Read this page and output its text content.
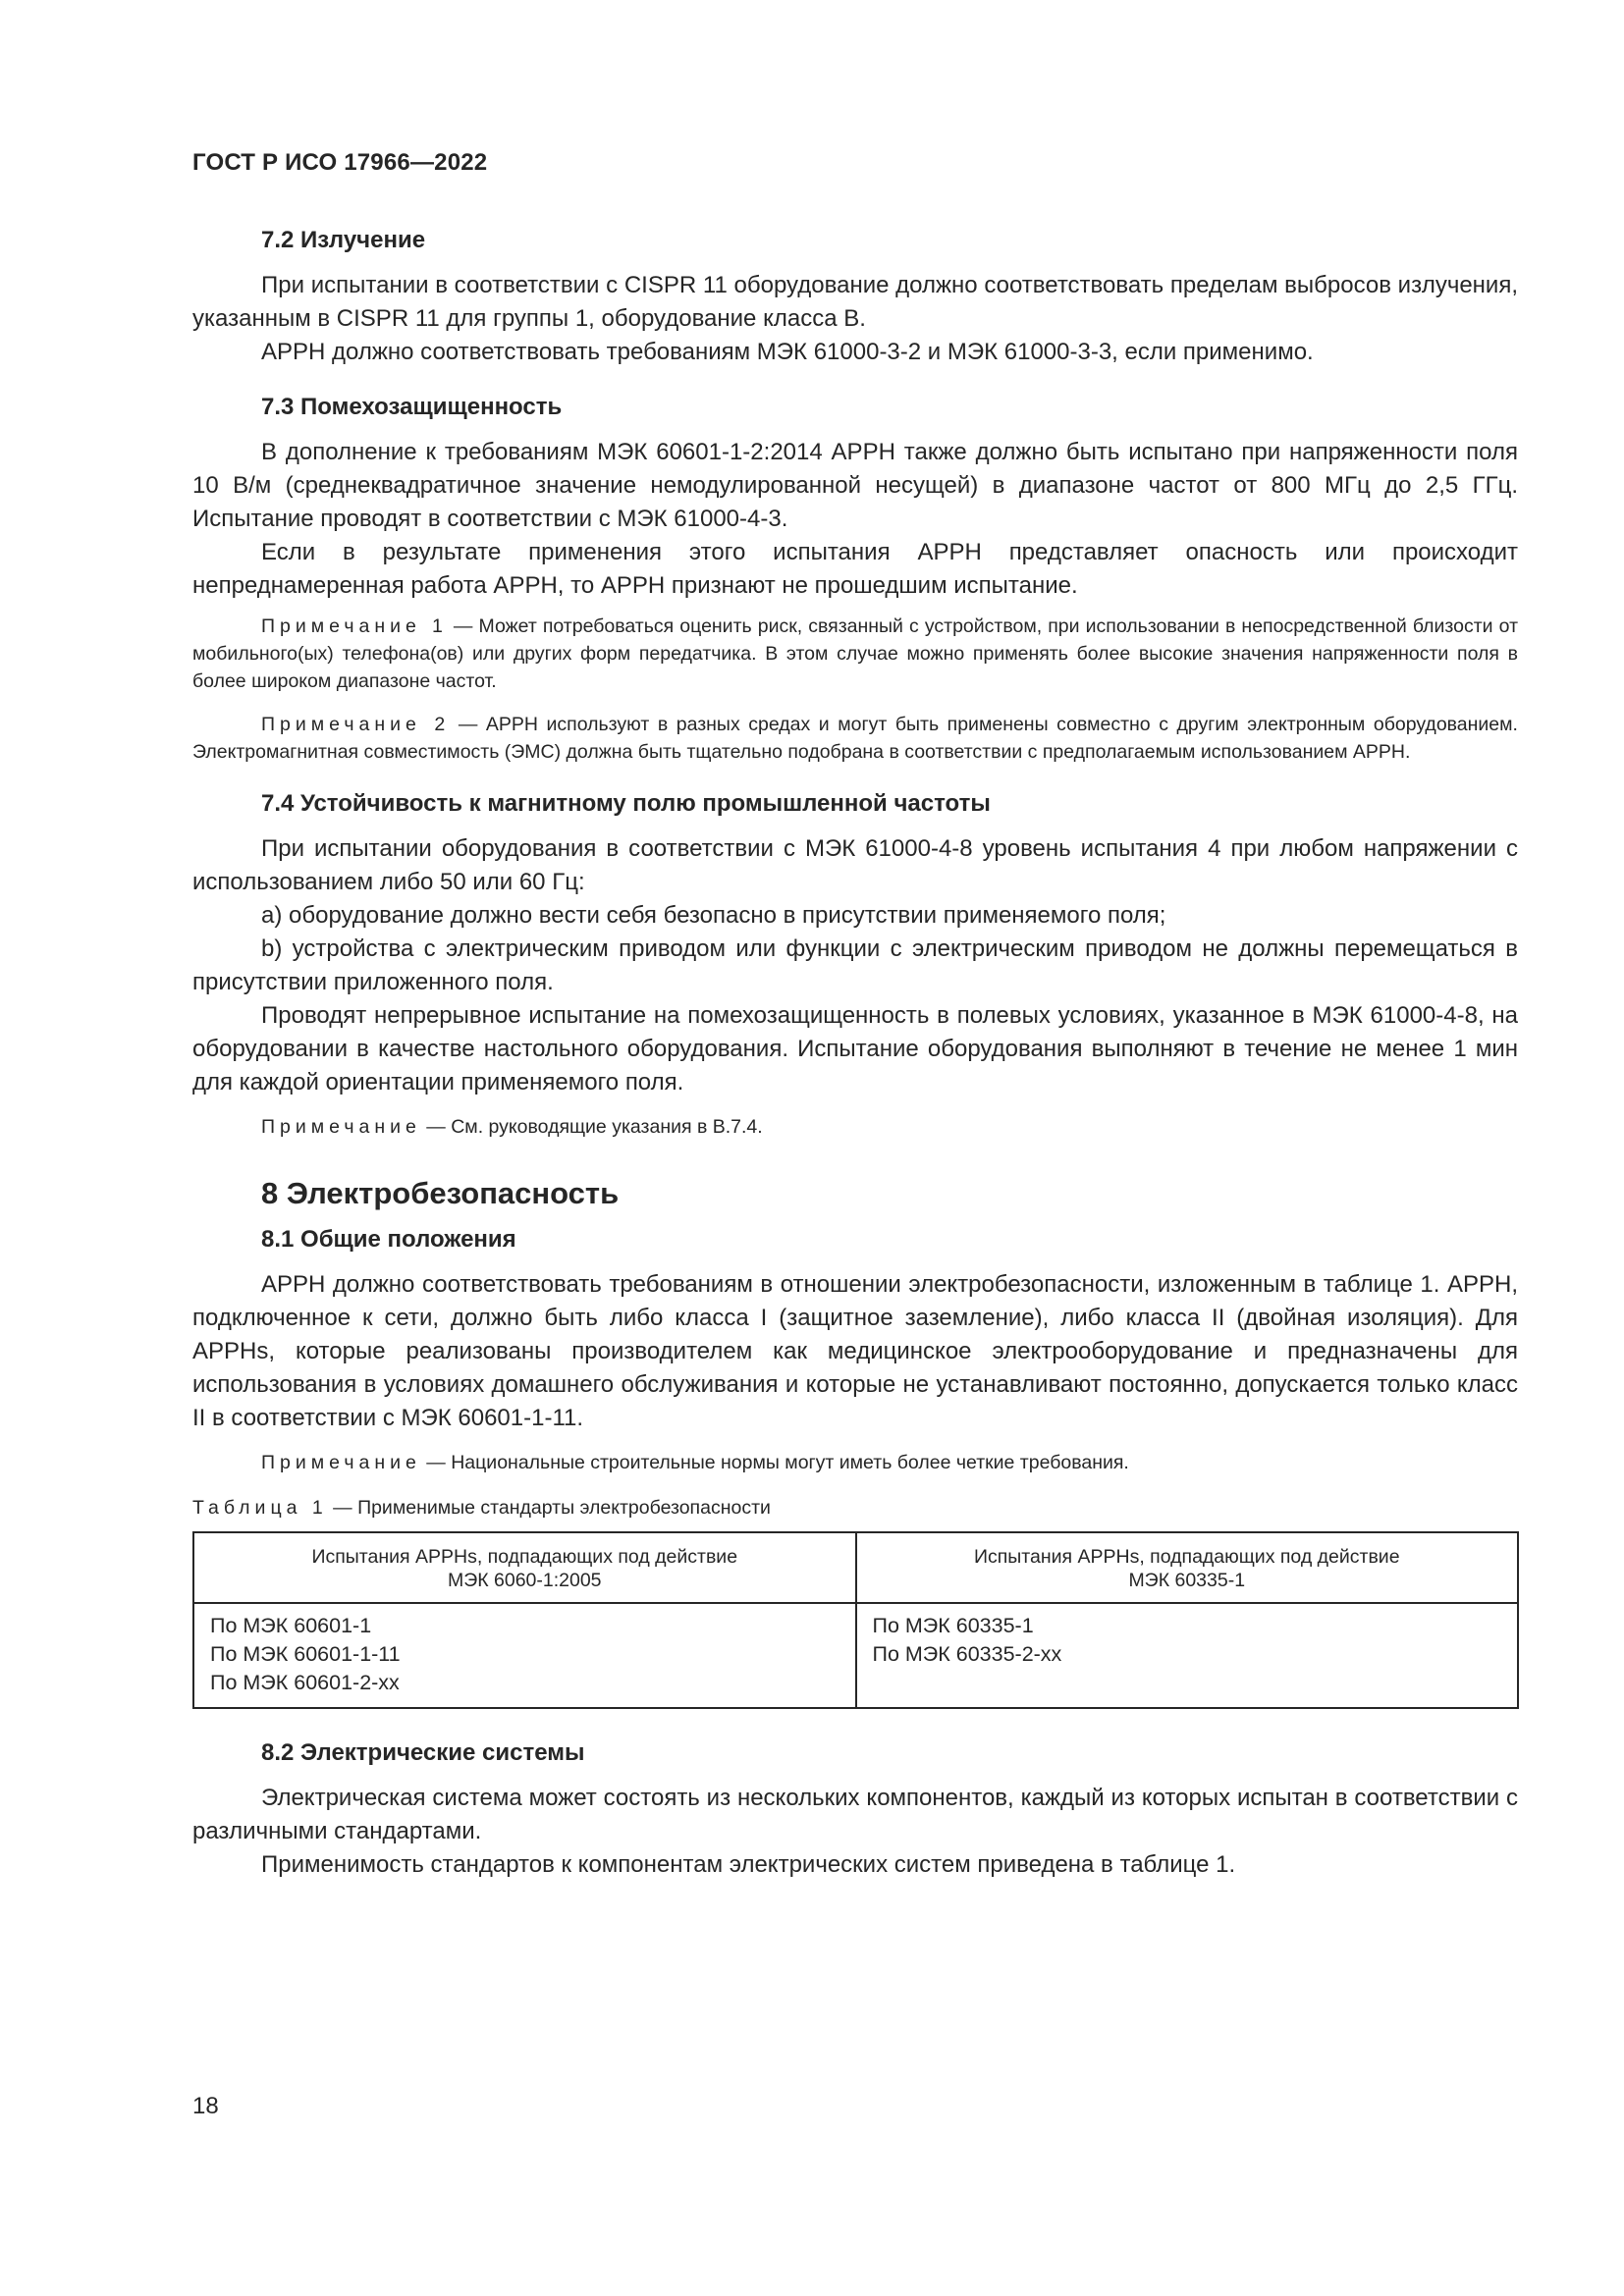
ГОСТ Р ИСО 17966—2022
7.2 Излучение

При испытании в соответствии с CISPR 11 оборудование должно соответствовать пределам выбросов излучения, указанным в CISPR 11 для группы 1, оборудование класса B.

АРРН должно соответствовать требованиям МЭК 61000-3-2 и МЭК 61000-3-3, если применимо.

7.3 Помехозащищенность

В дополнение к требованиям МЭК 60601-1-2:2014 АРРН также должно быть испытано при напряженности поля 10 В/м (среднеквадратичное значение немодулированной несущей) в диапазоне частот от 800 МГц до 2,5 ГГц. Испытание проводят в соответствии с МЭК 61000-4-3.

Если в результате применения этого испытания АРРН представляет опасность или происходит непреднамеренная работа АРРН, то АРРН признают не прошедшим испытание.

Примечание 1 — Может потребоваться оценить риск, связанный с устройством, при использовании в непосредственной близости от мобильного(ых) телефона(ов) или других форм передатчика. В этом случае можно применять более высокие значения напряженности поля в более широком диапазоне частот.

Примечание 2 — АРРН используют в разных средах и могут быть применены совместно с другим электронным оборудованием. Электромагнитная совместимость (ЭМС) должна быть тщательно подобрана в соответствии с предполагаемым использованием АРРН.

7.4 Устойчивость к магнитному полю промышленной частоты

При испытании оборудования в соответствии с МЭК 61000-4-8 уровень испытания 4 при любом напряжении с использованием либо 50 или 60 Гц:

a) оборудование должно вести себя безопасно в присутствии применяемого поля;

b) устройства с электрическим приводом или функции с электрическим приводом не должны перемещаться в присутствии приложенного поля.

Проводят непрерывное испытание на помехозащищенность в полевых условиях, указанное в МЭК 61000-4-8, на оборудовании в качестве настольного оборудования. Испытание оборудования выполняют в течение не менее 1 мин для каждой ориентации применяемого поля.

Примечание — См. руководящие указания в В.7.4.

8 Электробезопасность
8.1 Общие положения

АРРН должно соответствовать требованиям в отношении электробезопасности, изложенным в таблице 1. АРРН, подключенное к сети, должно быть либо класса I (защитное заземление), либо класса II (двойная изоляция). Для АРРНs, которые реализованы производителем как медицинское электрооборудование и предназначены для использования в условиях домашнего обслуживания и которые не устанавливают постоянно, допускается только класс II в соответствии с МЭК 60601-1-11.

Примечание — Национальные строительные нормы могут иметь более четкие требования.

Таблица 1 — Применимые стандарты электробезопасности
Испытания АРРНs, подпадающих под действие
МЭК 6060-1:2005	Испытания АРРНs, подпадающих под действие
МЭК 60335-1

По МЭК 60601-1
По МЭК 60601-1-11
По МЭК 60601-2-xx	По МЭК 60335-1
По МЭК 60335-2-xx
8.2 Электрические системы

Электрическая система может состоять из нескольких компонентов, каждый из которых испытан в соответствии с различными стандартами.

Применимость стандартов к компонентам электрических систем приведена в таблице 1.

18
